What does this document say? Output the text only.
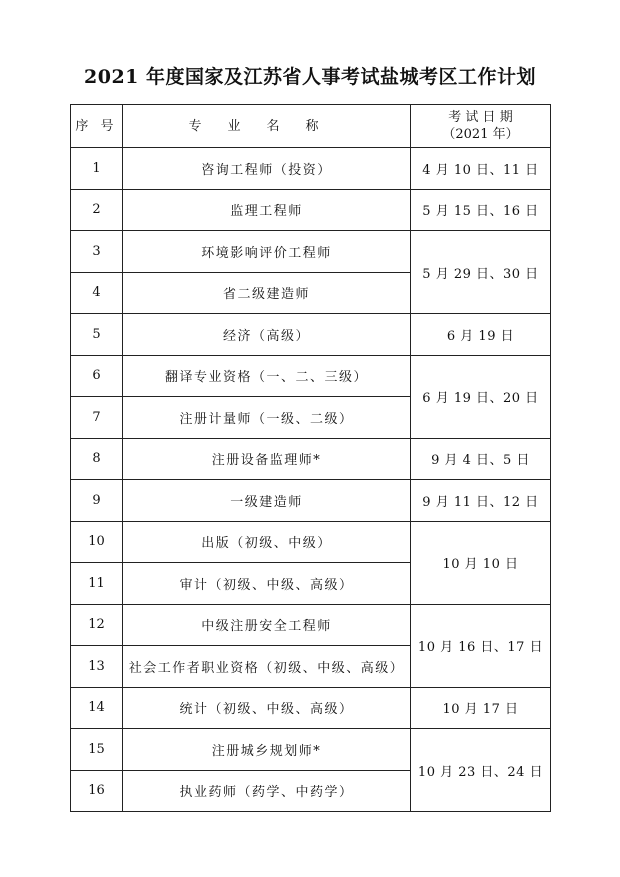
2021 年度国家及江苏省人事考试盐城考区工作计划
序 号	专业名称	考 试 日 期
（2021 年）

1	咨询工程师（投资）	4 月 10 日、11 日
2	监理工程师	5 月 15 日、16 日
3	环境影响评价工程师	5 月 29 日、30 日
4	省二级建造师	
5	经济（高级）	6 月 19 日
6	翻译专业资格（一、二、三级）	6 月 19 日、20 日
7	注册计量师（一级、二级）	
8	注册设备监理师*	9 月 4 日、5 日
9	一级建造师	9 月 11 日、12 日
10	出版（初级、中级）	10 月 10 日
11	审计（初级、中级、高级）	
12	中级注册安全工程师	10 月 16 日、17 日
13	社会工作者职业资格（初级、中级、高级）	
14	统计（初级、中级、高级）	10 月 17 日
15	注册城乡规划师*	10 月 23 日、24 日
16	执业药师（药学、中药学）	
